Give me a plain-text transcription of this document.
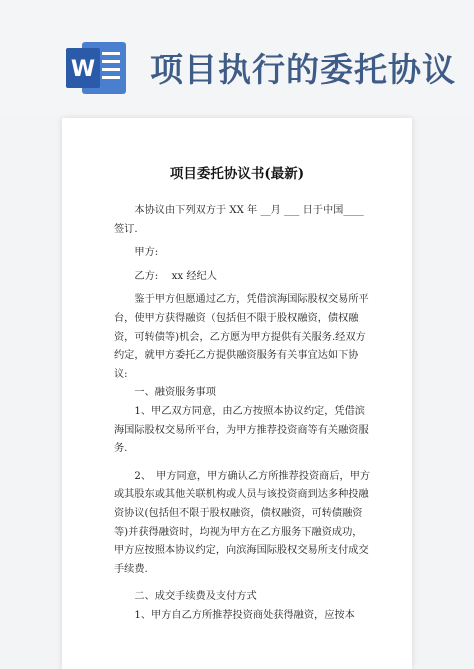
W 项目执行的委托协议
项目委托协议书(最新)

本协议由下列双方于 XX 年 __月 ___ 日于中国____签订.

甲方:

乙方:　 xx 经纪人

鉴于甲方但愿通过乙方，凭借滨海国际股权交易所平台，使甲方获得融资（包括但不限于股权融资，债权融资，可转债等)机会，乙方愿为甲方提供有关服务.经双方约定，就甲方委托乙方提供融资服务有关事宜达如下协议:

一、融资服务事项

1、甲乙双方同意，由乙方按照本协议约定，凭借滨海国际股权交易所平台，为甲方推荐投资商等有关融资服务.

2、　甲方同意，甲方确认乙方所推荐投资商后，甲方或其股东或其他关联机构或人员与该投资商到达多种投融资协议(包括但不限于股权融资，债权融资，可转债融资等)并获得融资时，均视为甲方在乙方服务下融资成功，甲方应按照本协议约定，向滨海国际股权交易所支付成交手续费.

二、成交手续费及支付方式

1、甲方自乙方所推荐投资商处获得融资，应按本
